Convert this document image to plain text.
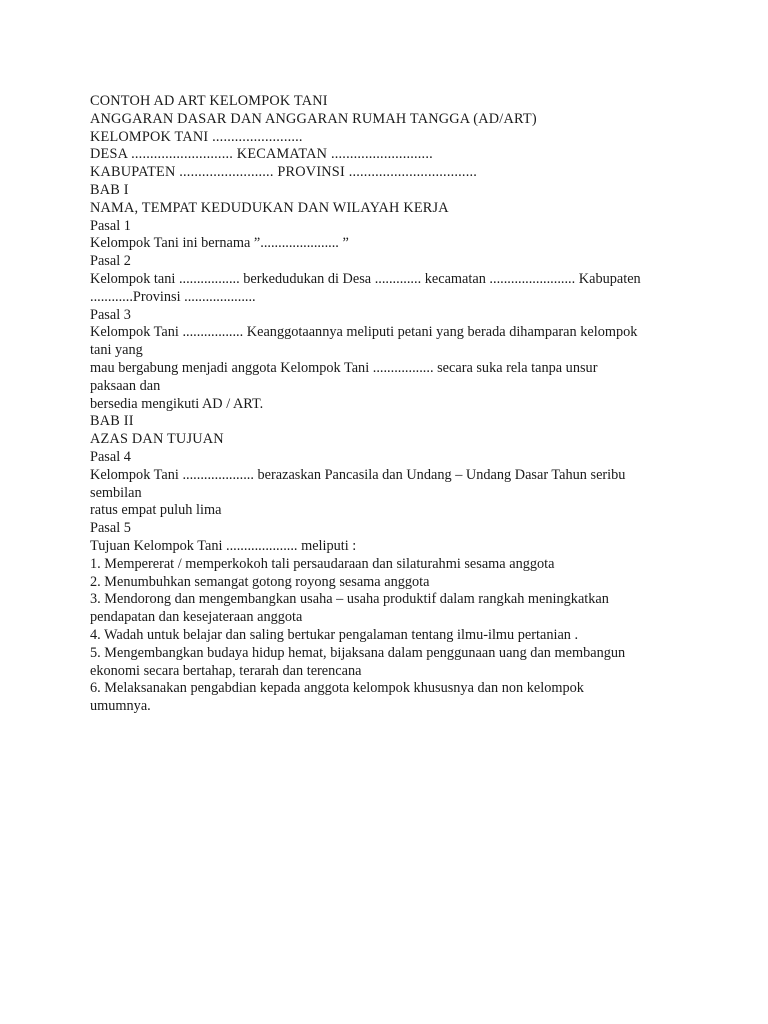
CONTOH AD ART KELOMPOK TANI
ANGGARAN DASAR DAN ANGGARAN RUMAH TANGGA (AD/ART)
KELOMPOK TANI ........................
DESA ........................... KECAMATAN ...........................
KABUPATEN ......................... PROVINSI ..................................
BAB I
NAMA, TEMPAT KEDUDUKAN DAN WILAYAH KERJA
Pasal 1
Kelompok Tani ini bernama ”...................... ”
Pasal 2
Kelompok tani ................. berkedudukan di Desa ............. kecamatan ........................ Kabupaten
............Provinsi ....................
Pasal 3
Kelompok Tani ................. Keanggotaannya meliputi petani yang berada dihamparan kelompok
tani yang
mau bergabung menjadi anggota Kelompok Tani ................. secara suka rela tanpa unsur
paksaan dan
bersedia mengikuti AD / ART.
BAB II
AZAS DAN TUJUAN
Pasal 4
Kelompok Tani .................... berazaskan Pancasila dan Undang – Undang Dasar Tahun seribu
sembilan
ratus empat puluh lima
Pasal 5
Tujuan Kelompok Tani .................... meliputi :
1. Mempererat / memperkokoh tali persaudaraan dan silaturahmi sesama anggota
2. Menumbuhkan semangat gotong royong sesama anggota
3. Mendorong dan mengembangkan usaha – usaha produktif dalam rangkah meningkatkan
pendapatan dan kesejateraan anggota
4. Wadah untuk belajar dan saling bertukar pengalaman tentang ilmu-ilmu pertanian .
5. Mengembangkan budaya hidup hemat, bijaksana dalam penggunaan uang dan membangun
ekonomi secara bertahap, terarah dan terencana
6. Melaksanakan pengabdian kepada anggota kelompok khususnya dan non kelompok
umumnya.
